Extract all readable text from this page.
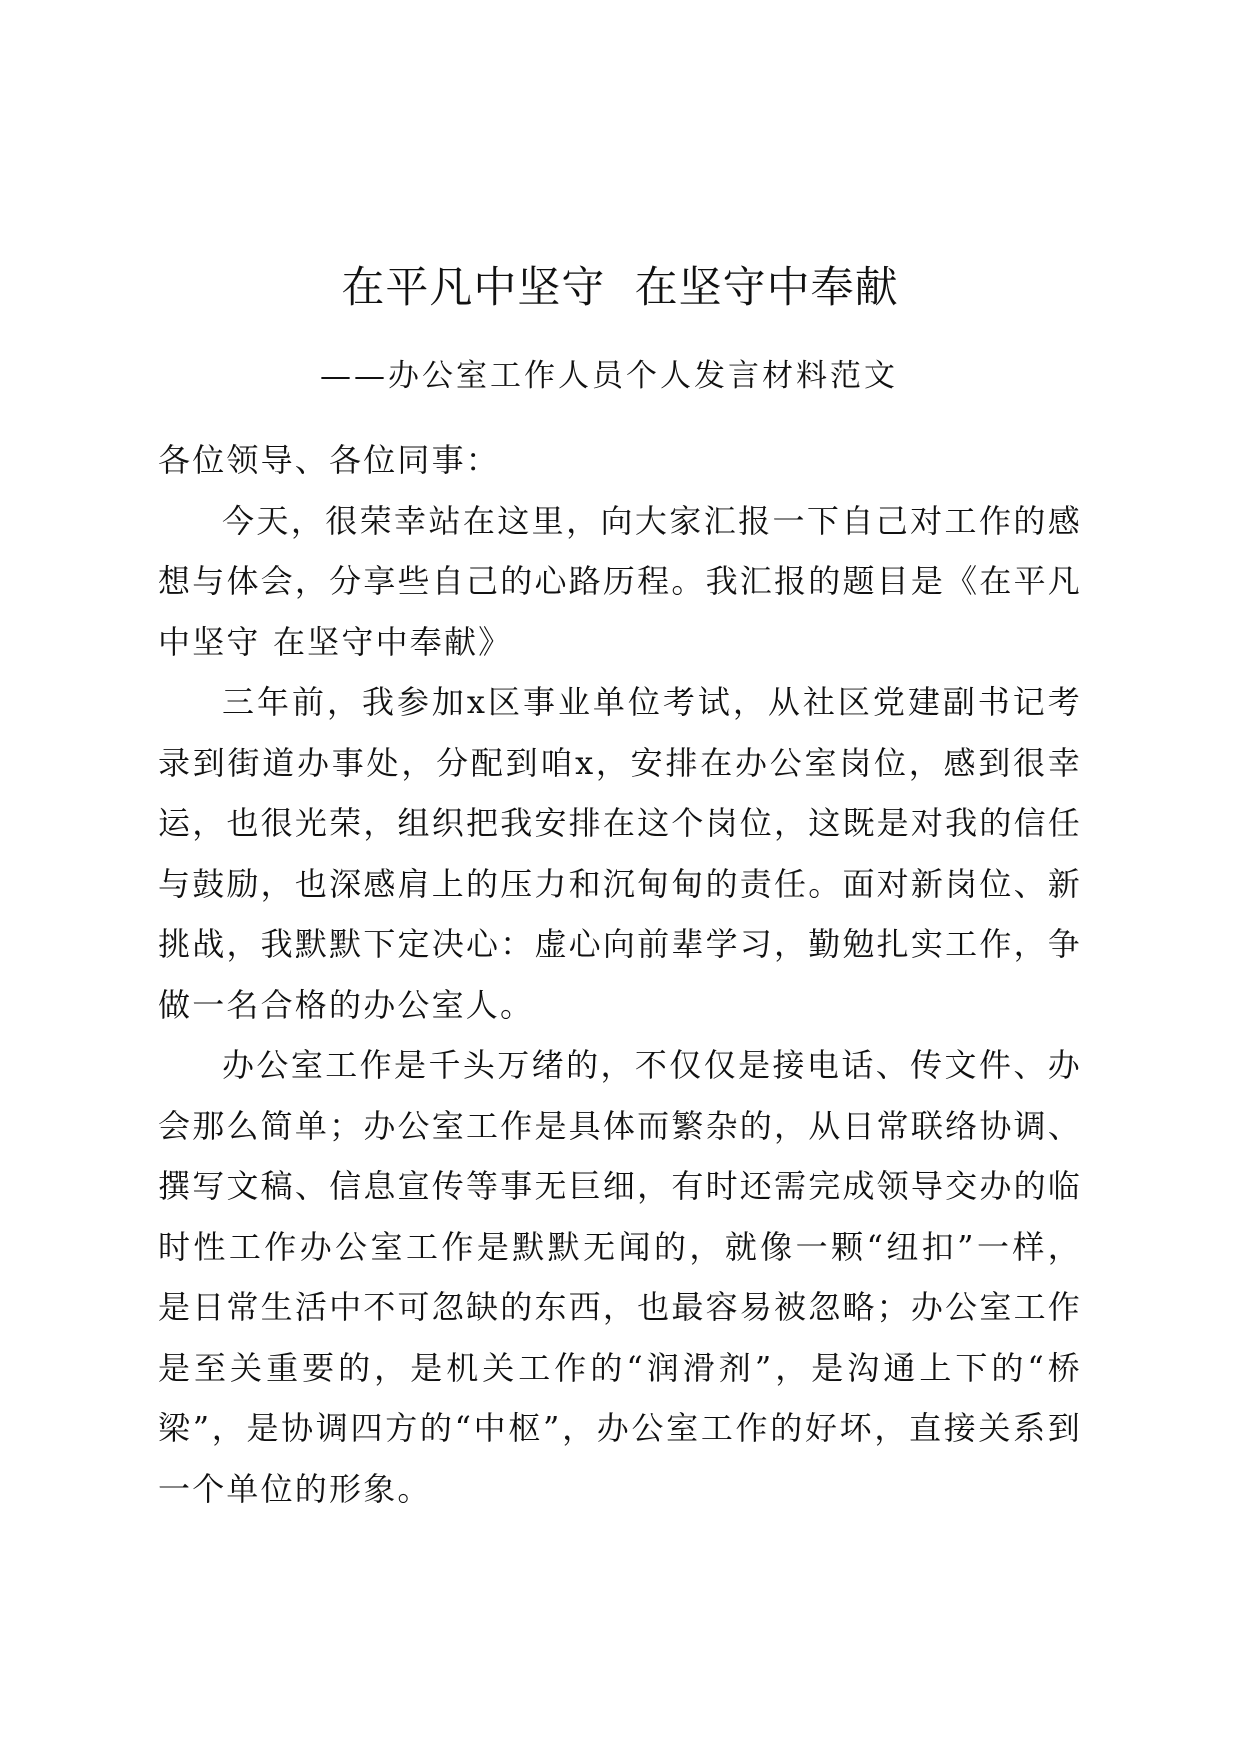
在平凡中坚守  在坚守中奉献

——办公室工作人员个人发言材料范文

各位领导、各位同事：

今天，很荣幸站在这里，向大家汇报一下自己对工作的感想与体会，分享些自己的心路历程。我汇报的题目是《在平凡中坚守 在坚守中奉献》

三年前，我参加x区事业单位考试，从社区党建副书记考录到街道办事处，分配到咱x，安排在办公室岗位，感到很幸运，也很光荣，组织把我安排在这个岗位，这既是对我的信任与鼓励，也深感肩上的压力和沉甸甸的责任。面对新岗位、新挑战，我默默下定决心：虚心向前辈学习，勤勉扎实工作，争做一名合格的办公室人。

办公室工作是千头万绪的，不仅仅是接电话、传文件、办会那么简单；办公室工作是具体而繁杂的，从日常联络协调、撰写文稿、信息宣传等事无巨细，有时还需完成领导交办的临时性工作办公室工作是默默无闻的，就像一颗“纽扣”一样，是日常生活中不可忽缺的东西，也最容易被忽略；办公室工作是至关重要的，是机关工作的“润滑剂”，是沟通上下的“桥梁”，是协调四方的“中枢”，办公室工作的好坏，直接关系到一个单位的形象。
